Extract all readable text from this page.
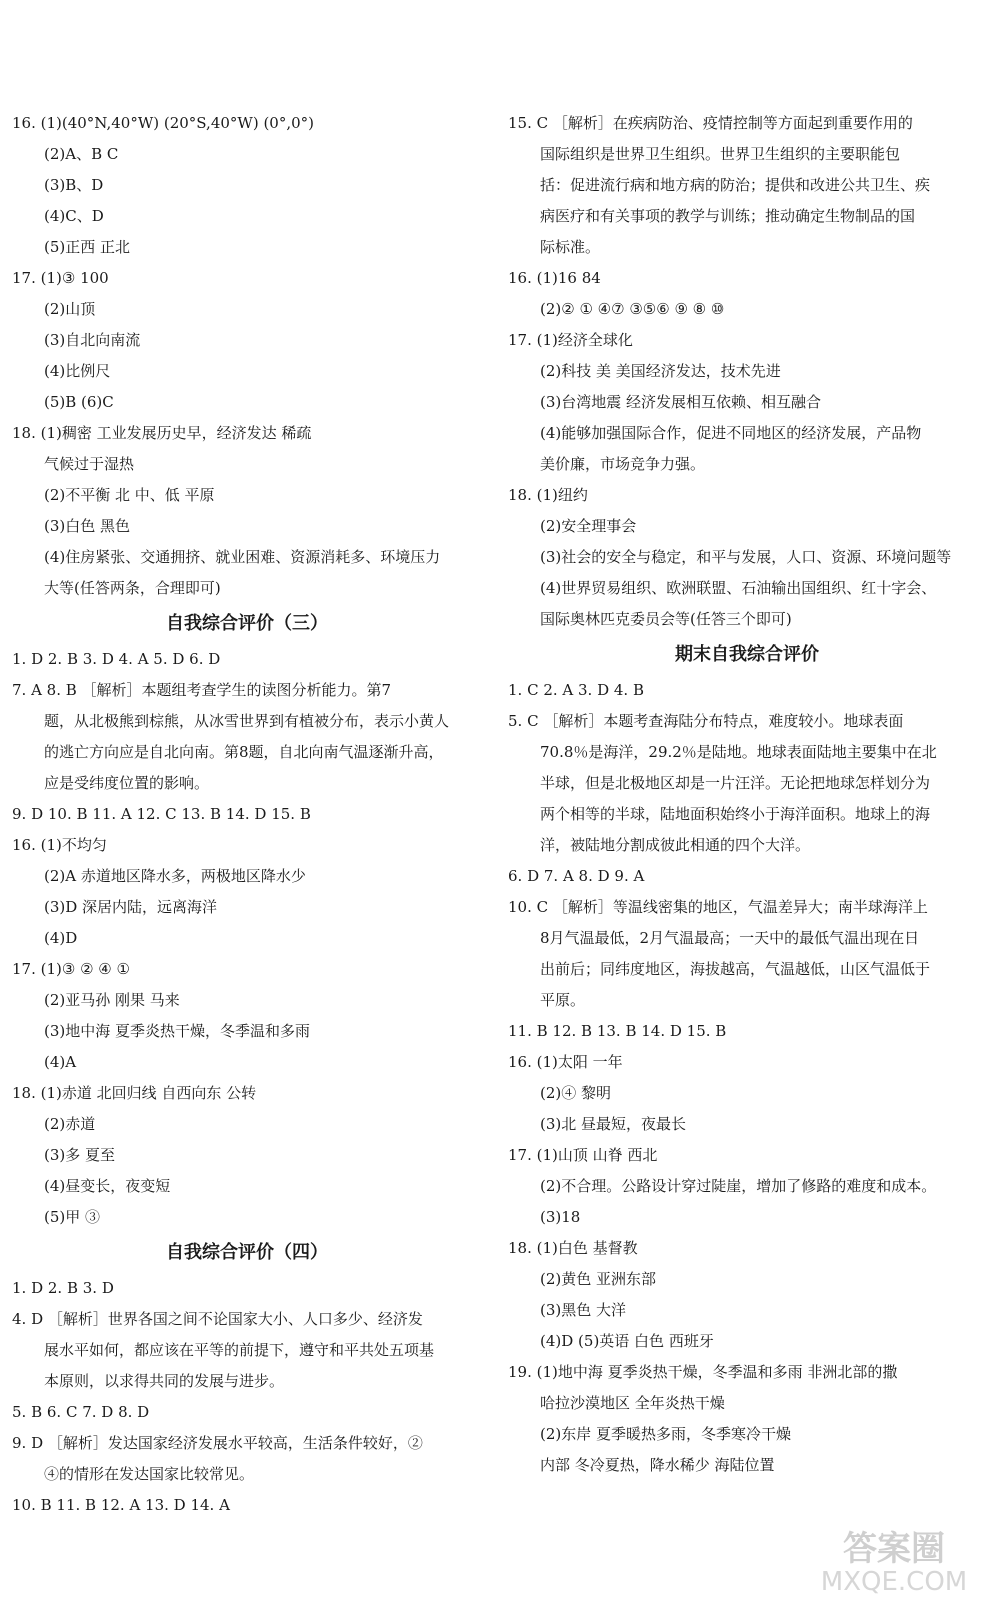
16. (1)(40°N,40°W) (20°S,40°W) (0°,0°)
(2)A、B C
(3)B、D
(4)C、D
(5)正西 正北
17. (1)③ 100
(2)山顶
(3)自北向南流
(4)比例尺
(5)B (6)C
18. (1)稠密 工业发展历史早，经济发达 稀疏
气候过于湿热
(2)不平衡 北 中、低 平原
(3)白色 黑色
(4)住房紧张、交通拥挤、就业困难、资源消耗多、环境压力
大等(任答两条，合理即可)
自我综合评价（三）
1. D 2. B 3. D 4. A 5. D 6. D
7. A 8. B ［解析］本题组考查学生的读图分析能力。第7
题，从北极熊到棕熊，从冰雪世界到有植被分布，表示小黄人
的逃亡方向应是自北向南。第8题，自北向南气温逐渐升高，
应是受纬度位置的影响。
9. D 10. B 11. A 12. C 13. B 14. D 15. B
16. (1)不均匀
(2)A 赤道地区降水多，两极地区降水少
(3)D 深居内陆，远离海洋
(4)D
17. (1)③ ② ④ ①
(2)亚马孙 刚果 马来
(3)地中海 夏季炎热干燥，冬季温和多雨
(4)A
18. (1)赤道 北回归线 自西向东 公转
(2)赤道
(3)多 夏至
(4)昼变长，夜变短
(5)甲 ③
自我综合评价（四）
1. D 2. B 3. D
4. D ［解析］世界各国之间不论国家大小、人口多少、经济发
展水平如何，都应该在平等的前提下，遵守和平共处五项基
本原则，以求得共同的发展与进步。
5. B 6. C 7. D 8. D
9. D ［解析］发达国家经济发展水平较高，生活条件较好，②
④的情形在发达国家比较常见。
10. B 11. B 12. A 13. D 14. A
15. C ［解析］在疾病防治、疫情控制等方面起到重要作用的
国际组织是世界卫生组织。世界卫生组织的主要职能包
括：促进流行病和地方病的防治；提供和改进公共卫生、疾
病医疗和有关事项的教学与训练；推动确定生物制品的国
际标准。
16. (1)16 84
(2)② ① ④⑦ ③⑤⑥ ⑨ ⑧ ⑩
17. (1)经济全球化
(2)科技 美 美国经济发达，技术先进
(3)台湾地震 经济发展相互依赖、相互融合
(4)能够加强国际合作，促进不同地区的经济发展，产品物
美价廉，市场竞争力强。
18. (1)纽约
(2)安全理事会
(3)社会的安全与稳定，和平与发展，人口、资源、环境问题等
(4)世界贸易组织、欧洲联盟、石油输出国组织、红十字会、
国际奥林匹克委员会等(任答三个即可)
期末自我综合评价
1. C 2. A 3. D 4. B
5. C ［解析］本题考查海陆分布特点，难度较小。地球表面
70.8％是海洋，29.2％是陆地。地球表面陆地主要集中在北
半球，但是北极地区却是一片汪洋。无论把地球怎样划分为
两个相等的半球，陆地面积始终小于海洋面积。地球上的海
洋，被陆地分割成彼此相通的四个大洋。
6. D 7. A 8. D 9. A
10. C ［解析］等温线密集的地区，气温差异大；南半球海洋上
8月气温最低，2月气温最高；一天中的最低气温出现在日
出前后；同纬度地区，海拔越高，气温越低，山区气温低于
平原。
11. B 12. B 13. B 14. D 15. B
16. (1)太阳 一年
(2)④ 黎明
(3)北 昼最短，夜最长
17. (1)山顶 山脊 西北
(2)不合理。公路设计穿过陡崖，增加了修路的难度和成本。
(3)18
18. (1)白色 基督教
(2)黄色 亚洲东部
(3)黑色 大洋
(4)D (5)英语 白色 西班牙
19. (1)地中海 夏季炎热干燥，冬季温和多雨 非洲北部的撒
哈拉沙漠地区 全年炎热干燥
(2)东岸 夏季暖热多雨，冬季寒冷干燥
内部 冬冷夏热，降水稀少 海陆位置
答案圈
MXQE.COM
